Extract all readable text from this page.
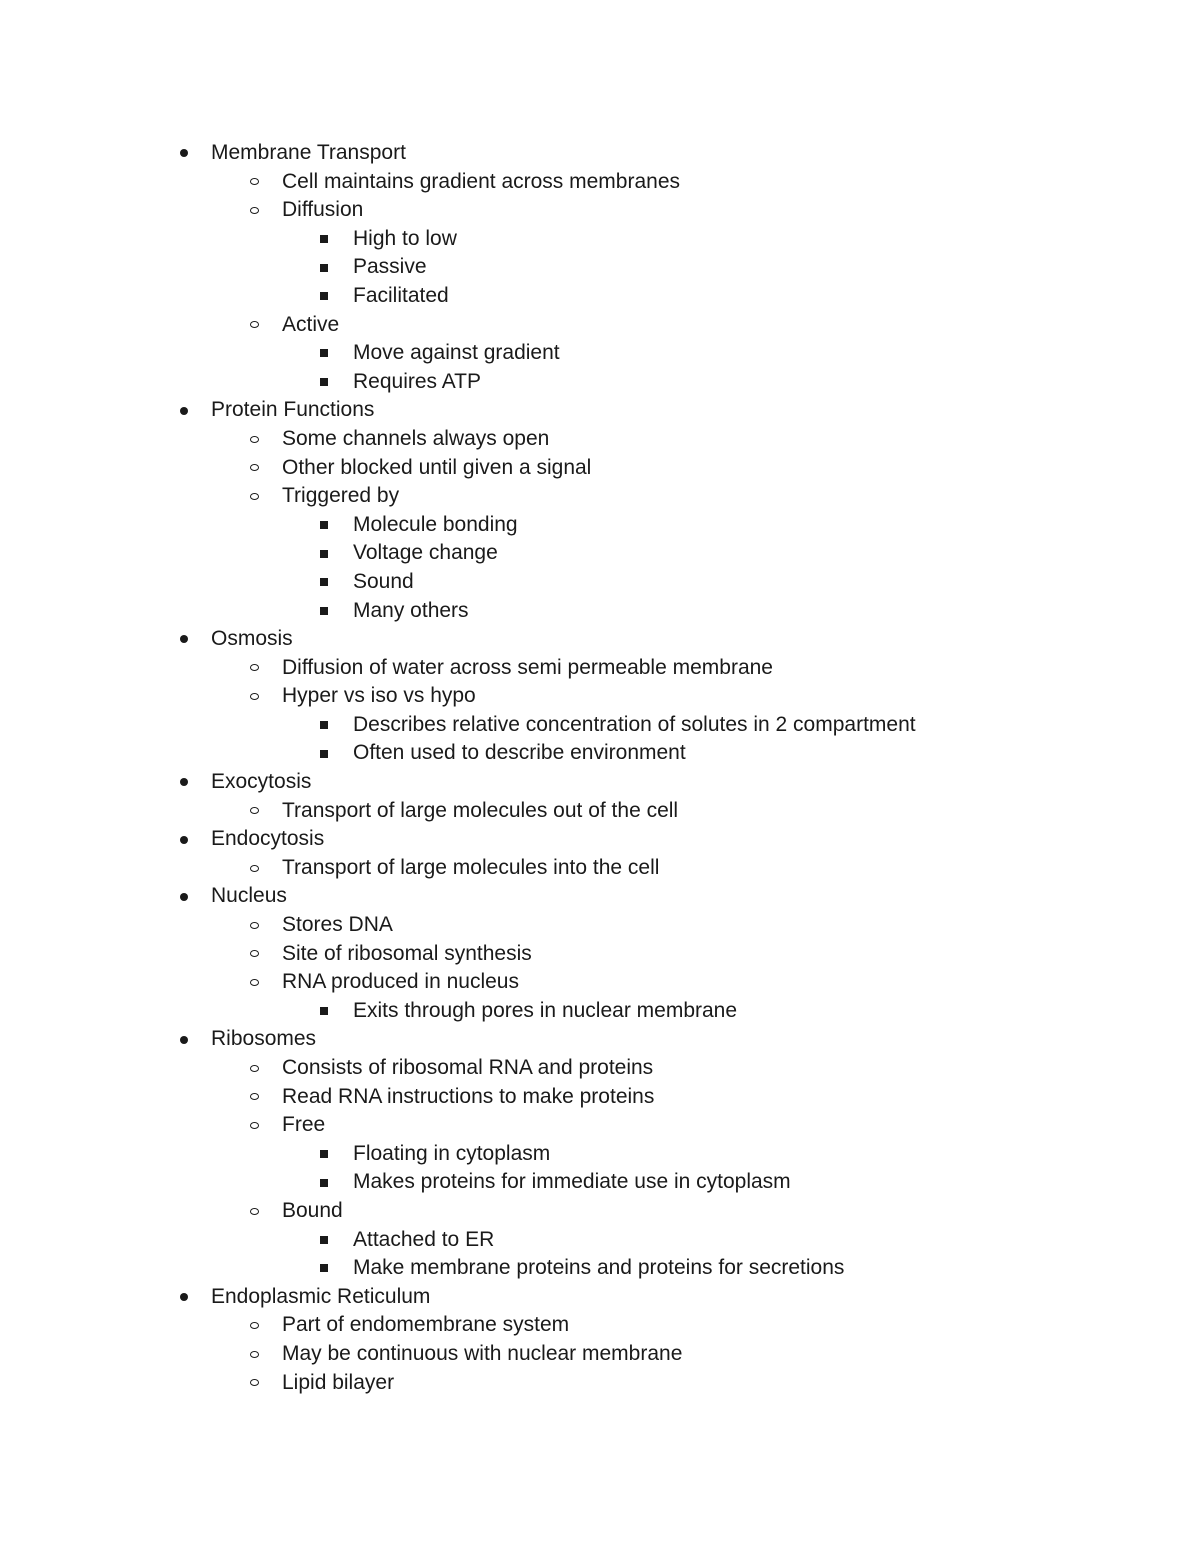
Membrane Transport
Cell maintains gradient across membranes
Diffusion
High to low
Passive
Facilitated
Active
Move against gradient
Requires ATP
Protein Functions
Some channels always open
Other blocked until given a signal
Triggered by
Molecule bonding
Voltage change
Sound
Many others
Osmosis
Diffusion of water across semi permeable membrane
Hyper vs iso vs hypo
Describes relative concentration of solutes in 2 compartment
Often used to describe environment
Exocytosis
Transport of large molecules out of the cell
Endocytosis
Transport of large molecules into the cell
Nucleus
Stores DNA
Site of ribosomal synthesis
RNA produced in nucleus
Exits through pores in nuclear membrane
Ribosomes
Consists of ribosomal RNA and proteins
Read RNA instructions to make proteins
Free
Floating in cytoplasm
Makes proteins for immediate use in cytoplasm
Bound
Attached to ER
Make membrane proteins and proteins for secretions
Endoplasmic Reticulum
Part of endomembrane system
May be continuous with nuclear membrane
Lipid bilayer
